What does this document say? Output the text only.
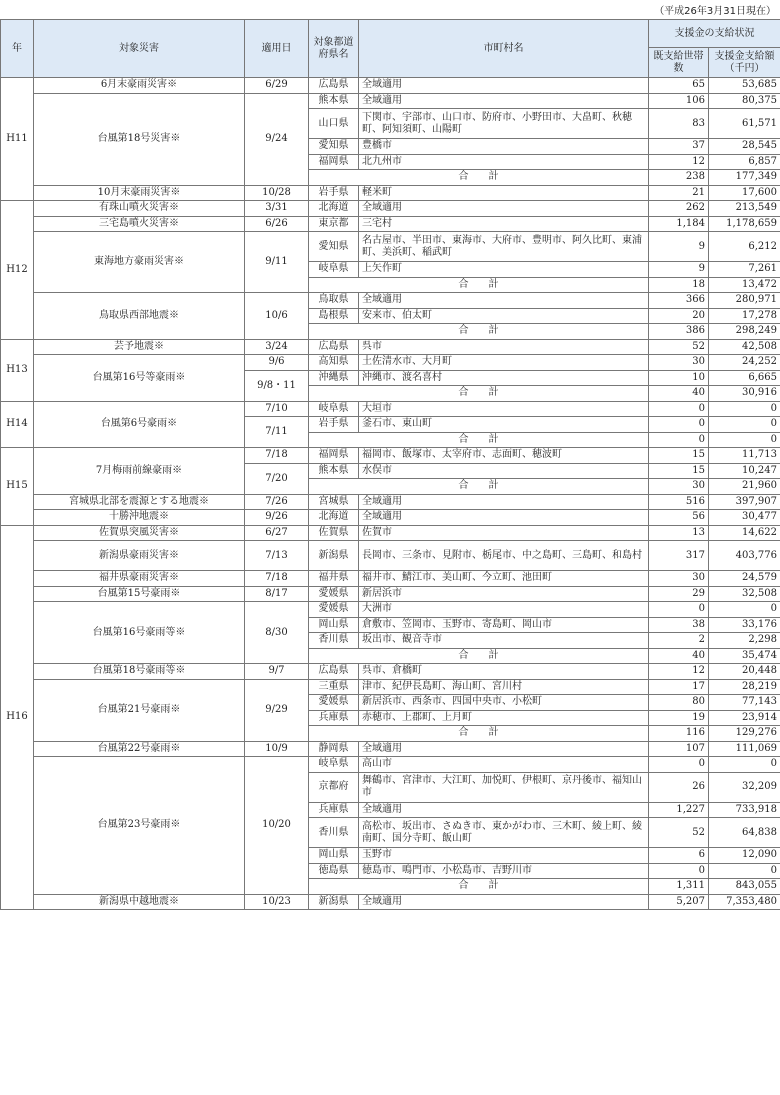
（平成26年3月31日現在）
年	対象災害	適用日	対象都道府県名	市町村名	支援金の支給状況	
					既支給世帯数	支援金支給額（千円）
H11	6月末豪雨災害※	6/29	広島県	全域適用	65	53,685
	台風第18号災害※	9/24	熊本県	全域適用	106	80,375
			山口県	下関市、宇部市、山口市、防府市、小野田市、大畠町、秋穂町、阿知須町、山陽町	83	61,571
			愛知県	豊橋市	37	28,545
			福岡県	北九州市	12	6,857
			合　　計		238	177,349
	10月末豪雨災害※	10/28	岩手県	軽米町	21	17,600
H12	有珠山噴火災害※	3/31	北海道	全域適用	262	213,549
	三宅島噴火災害※	6/26	東京都	三宅村	1,184	1,178,659
	東海地方豪雨災害※	9/11	愛知県	名古屋市、半田市、東海市、大府市、豊明市、阿久比町、東浦町、美浜町、稲武町	9	6,212
			岐阜県	上矢作町	9	7,261
			合　　計		18	13,472
	鳥取県西部地震※	10/6	鳥取県	全域適用	366	280,971
			島根県	安来市、伯太町	20	17,278
			合　　計		386	298,249
H13	芸予地震※	3/24	広島県	呉市	52	42,508
	台風第16号等豪雨※	9/6	高知県	土佐清水市、大月町	30	24,252
		9/8・11	沖縄県	沖縄市、渡名喜村	10	6,665
			合　　計		40	30,916
H14	台風第6号豪雨※	7/10	岐阜県	大垣市	0	0
		7/11	岩手県	釜石市、東山町	0	0
			合　　計		0	0
H15	7月梅雨前線豪雨※	7/18	福岡県	福岡市、飯塚市、太宰府市、志面町、穂波町	15	11,713
		7/20	熊本県	水俣市	15	10,247
			合　　計		30	21,960
	宮城県北部を震源とする地震※	7/26	宮城県	全域適用	516	397,907
	十勝沖地震※	9/26	北海道	全域適用	56	30,477
H16	佐賀県突風災害※	6/27	佐賀県	佐賀市	13	14,622
	新潟県豪雨災害※	7/13	新潟県	長岡市、三条市、見附市、栃尾市、中之島町、三島町、和島村	317	403,776
	福井県豪雨災害※	7/18	福井県	福井市、鯖江市、美山町、今立町、池田町	30	24,579
	台風第15号豪雨※	8/17	愛媛県	新居浜市	29	32,508
	台風第16号豪雨等※	8/30	愛媛県	大洲市	0	0
			岡山県	倉敷市、笠岡市、玉野市、寄島町、岡山市	38	33,176
			香川県	坂出市、観音寺市	2	2,298
			合　　計		40	35,474
	台風第18号豪雨等※	9/7	広島県	呉市、倉橋町	12	20,448
	台風第21号豪雨※	9/29	三重県	津市、紀伊長島町、海山町、宮川村	17	28,219
			愛媛県	新居浜市、西条市、四国中央市、小松町	80	77,143
			兵庫県	赤穂市、上郡町、上月町	19	23,914
			合　　計		116	129,276
	台風第22号豪雨※	10/9	静岡県	全域適用	107	111,069
	台風第23号豪雨※	10/20	岐阜県	高山市	0	0
			京都府	舞鶴市、宮津市、大江町、加悦町、伊根町、京丹後市、福知山市	26	32,209
			兵庫県	全域適用	1,227	733,918
			香川県	高松市、坂出市、さぬき市、東かがわ市、三木町、綾上町、綾南町、国分寺町、飯山町	52	64,838
			岡山県	玉野市	6	12,090
			徳島県	徳島市、鳴門市、小松島市、吉野川市	0	0
			合　　計		1,311	843,055
	新潟県中越地震※	10/23	新潟県	全域適用	5,207	7,353,480
